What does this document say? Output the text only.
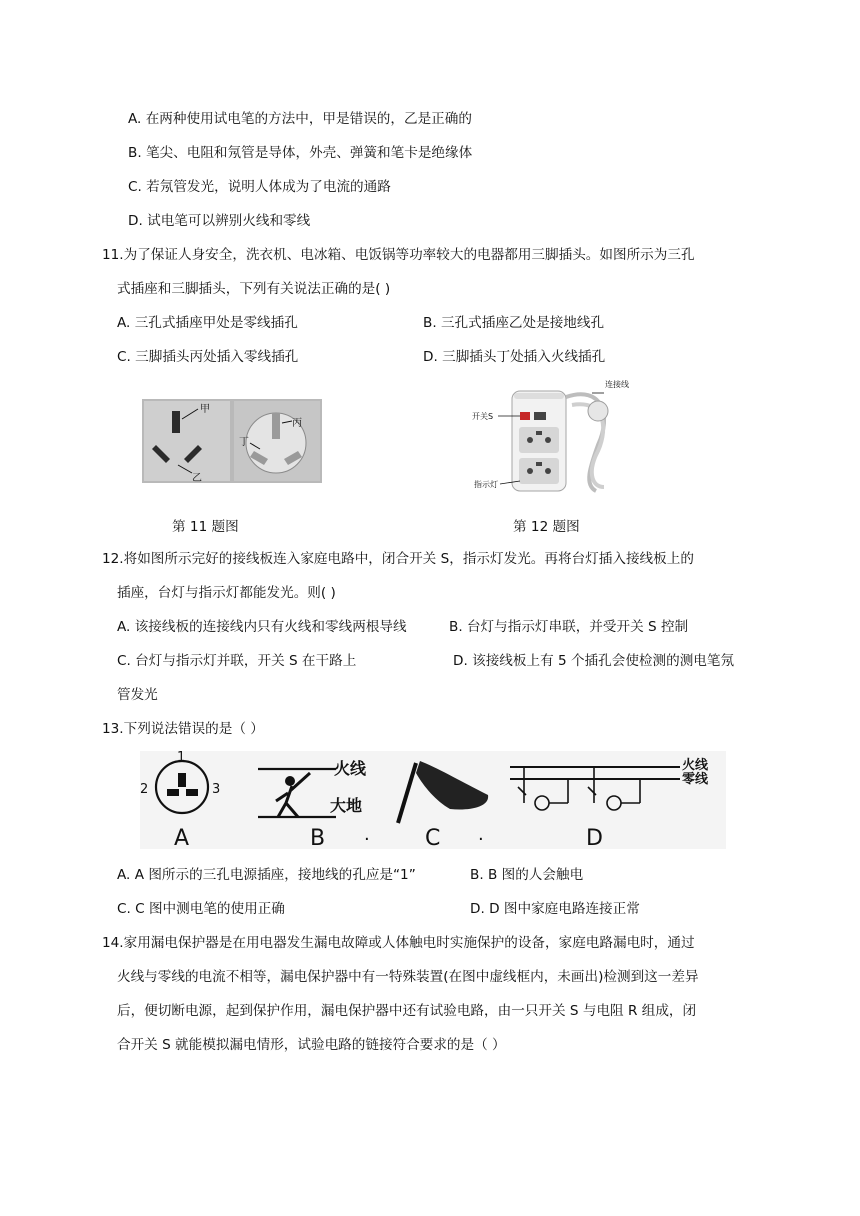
A. 在两种使用试电笔的方法中，甲是错误的，乙是正确的
B. 笔尖、电阻和氖管是导体，外壳、弹簧和笔卡是绝缘体
C. 若氖管发光，说明人体成为了电流的通路
D. 试电笔可以辨别火线和零线
11.为了保证人身安全，洗衣机、电冰箱、电饭锅等功率较大的电器都用三脚插头。如图所示为三孔
式插座和三脚插头，下列有关说法正确的是( )
A. 三孔式插座甲处是零线插孔	B. 三孔式插座乙处是接地线孔
C. 三脚插头丙处插入零线插孔	D. 三脚插头丁处插入火线插孔
甲
乙
丙
丁
连接线
开关S
指示灯
第 11 题图	第 12 题图
12.将如图所示完好的接线板连入家庭电路中，闭合开关 S，指示灯发光。再将台灯插入接线板上的
插座，台灯与指示灯都能发光。则( )
A. 该接线板的连接线内只有火线和零线两根导线	B. 台灯与指示灯串联，并受开关 S 控制
C. 台灯与指示灯并联，开关 S 在干路上	D. 该接线板上有 5 个插孔会使检测的测电笔氖
管发光
13.下列说法错误的是（ ）
1
2	3
A
火线
大地
B ·	C ·
火线
零线
D
A. A 图所示的三孔电源插座，接地线的孔应是“1”	B. B 图的人会触电
C. C 图中测电笔的使用正确	D. D 图中家庭电路连接正常
14.家用漏电保护器是在用电器发生漏电故障或人体触电时实施保护的设备，家庭电路漏电时，通过
火线与零线的电流不相等，漏电保护器中有一特殊装置(在图中虚线框内，未画出)检测到这一差异
后，便切断电源，起到保护作用，漏电保护器中还有试验电路，由一只开关 S 与电阻 R 组成，闭
合开关 S 就能模拟漏电情形，试验电路的链接符合要求的是（ ）
